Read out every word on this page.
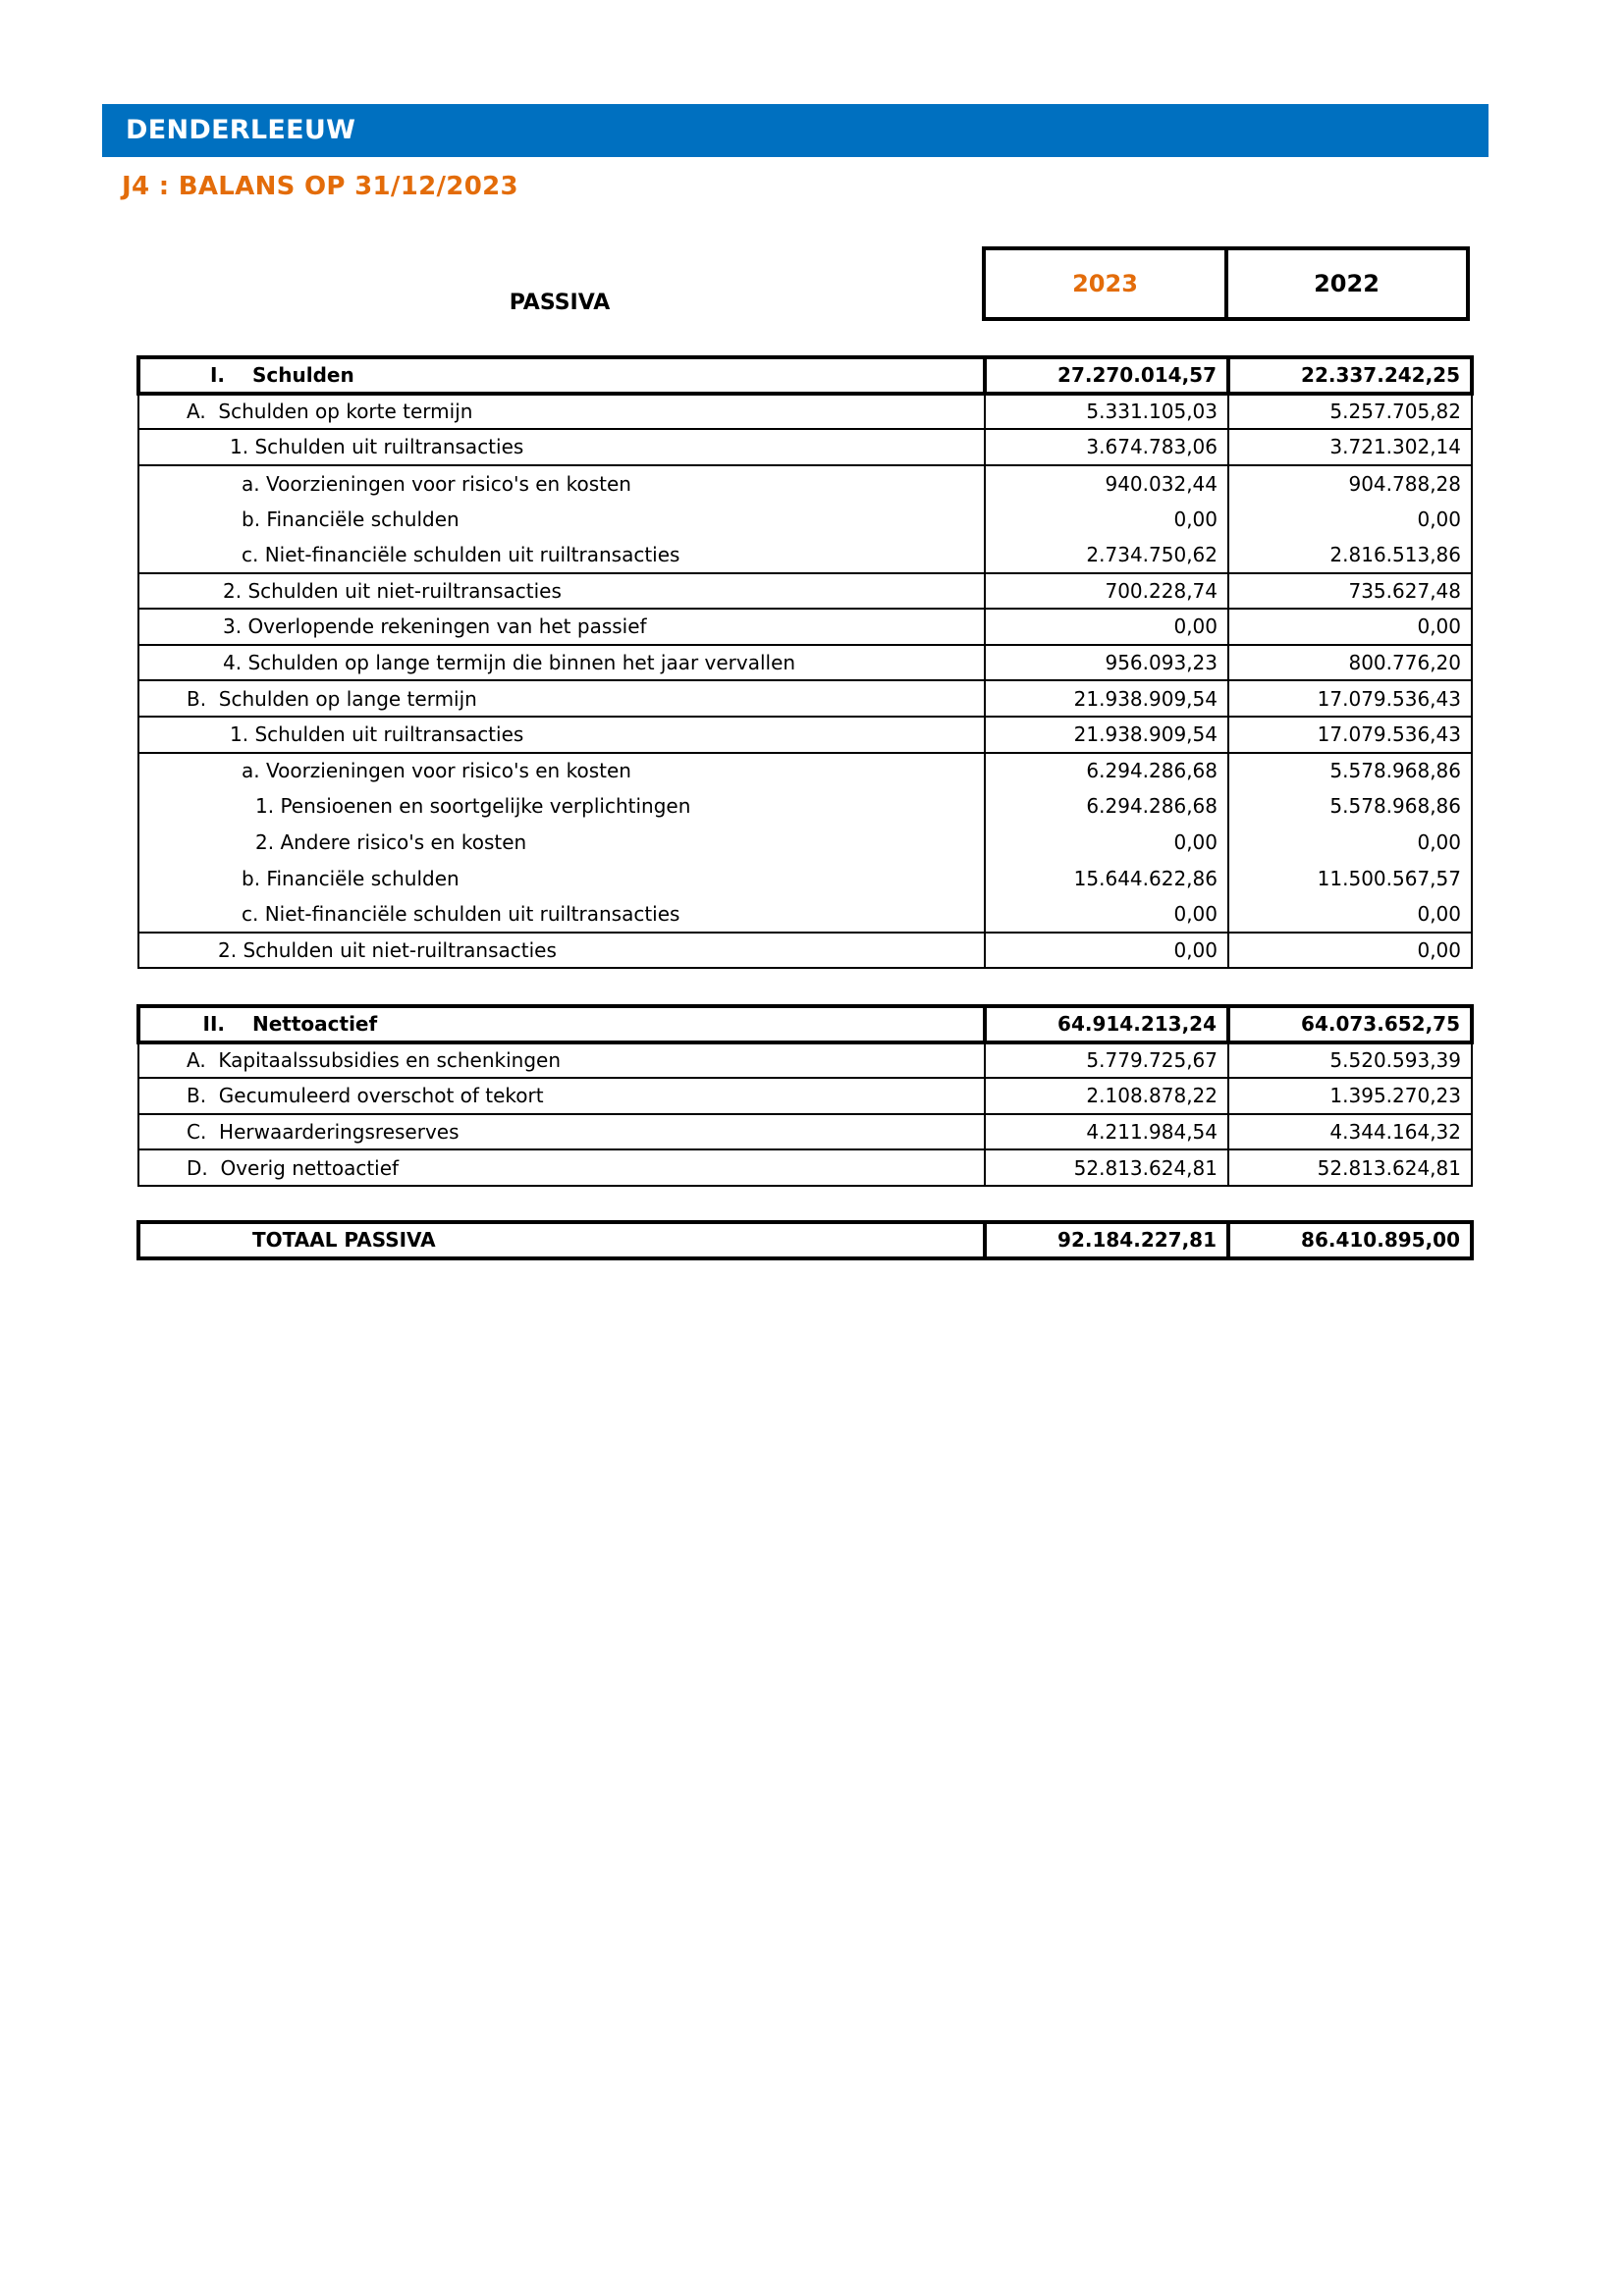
DENDERLEEUW
J4 : BALANS OP 31/12/2023
PASSIVA
2023	2022
I. Schulden	27.270.014,57	22.337.242,25
A.  Schulden op korte termijn	5.331.105,03	5.257.705,82
1. Schulden uit ruiltransacties	3.674.783,06	3.721.302,14
a. Voorzieningen voor risico's en kosten	940.032,44	904.788,28
b. Financiële schulden	0,00	0,00
c. Niet-financiële schulden uit ruiltransacties	2.734.750,62	2.816.513,86
2. Schulden uit niet-ruiltransacties	700.228,74	735.627,48
3. Overlopende rekeningen van het passief	0,00	0,00
4. Schulden op lange termijn die binnen het jaar vervallen	956.093,23	800.776,20
B.  Schulden op lange termijn	21.938.909,54	17.079.536,43
1. Schulden uit ruiltransacties	21.938.909,54	17.079.536,43
a. Voorzieningen voor risico's en kosten	6.294.286,68	5.578.968,86
1. Pensioenen en soortgelijke verplichtingen	6.294.286,68	5.578.968,86
2. Andere risico's en kosten	0,00	0,00
b. Financiële schulden	15.644.622,86	11.500.567,57
c. Niet-financiële schulden uit ruiltransacties	0,00	0,00
2. Schulden uit niet-ruiltransacties	0,00	0,00
II. Nettoactief	64.914.213,24	64.073.652,75
A.  Kapitaalssubsidies en schenkingen	5.779.725,67	5.520.593,39
B.  Gecumuleerd overschot of tekort	2.108.878,22	1.395.270,23
C.  Herwaarderingsreserves	4.211.984,54	4.344.164,32
D.  Overig nettoactief	52.813.624,81	52.813.624,81
TOTAAL PASSIVA	92.184.227,81	86.410.895,00
